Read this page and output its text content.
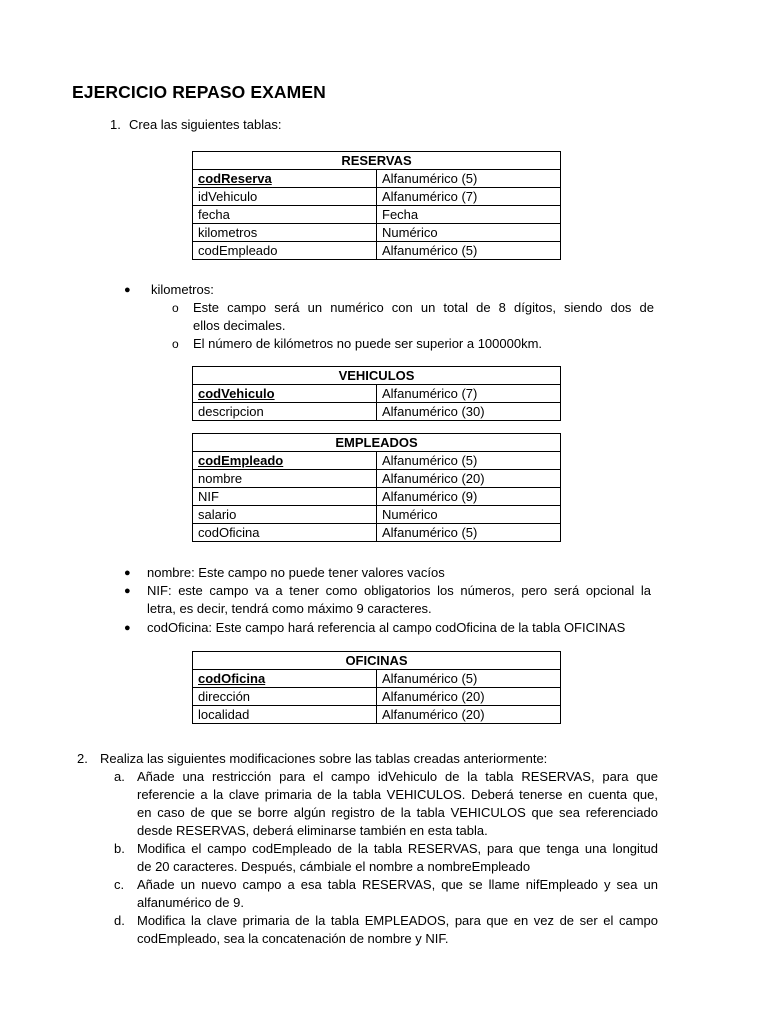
EJERCICIO REPASO EXAMEN
1. Crea las siguientes tablas:
RESERVAS	
codReserva	Alfanumérico (5)
idVehiculo	Alfanumérico (7)
fecha	Fecha
kilometros	Numérico
codEmpleado	Alfanumérico (5)
● kilometros:
o Este campo será un numérico con un total de 8 dígitos, siendo dos de
ellos decimales.
o El número de kilómetros no puede ser superior a 100000km.
VEHICULOS	
codVehiculo	Alfanumérico (7)
descripcion	Alfanumérico (30)
EMPLEADOS	
codEmpleado	Alfanumérico (5)
nombre	Alfanumérico (20)
NIF	Alfanumérico (9)
salario	Numérico
codOficina	Alfanumérico (5)
● nombre: Este campo no puede tener valores vacíos
● NIF: este campo va a tener como obligatorios los números, pero será opcional la
letra, es decir, tendrá como máximo 9 caracteres.
● codOficina: Este campo hará referencia al campo codOficina de la tabla OFICINAS
OFICINAS	
codOficina	Alfanumérico (5)
dirección	Alfanumérico (20)
localidad	Alfanumérico (20)
2. Realiza las siguientes modificaciones sobre las tablas creadas anteriormente:
a. Añade una restricción para el campo idVehiculo de la tabla RESERVAS, para que
referencie a la clave primaria de la tabla VEHICULOS. Deberá tenerse en cuenta que,
en caso de que se borre algún registro de la tabla VEHICULOS que sea referenciado
desde RESERVAS, deberá eliminarse también en esta tabla.
b. Modifica el campo codEmpleado de la tabla RESERVAS, para que tenga una longitud
de 20 caracteres. Después, cámbiale el nombre a nombreEmpleado
c. Añade un nuevo campo a esa tabla RESERVAS, que se llame nifEmpleado y sea un
alfanumérico de 9.
d. Modifica la clave primaria de la tabla EMPLEADOS, para que en vez de ser el campo
codEmpleado, sea la concatenación de nombre y NIF.
